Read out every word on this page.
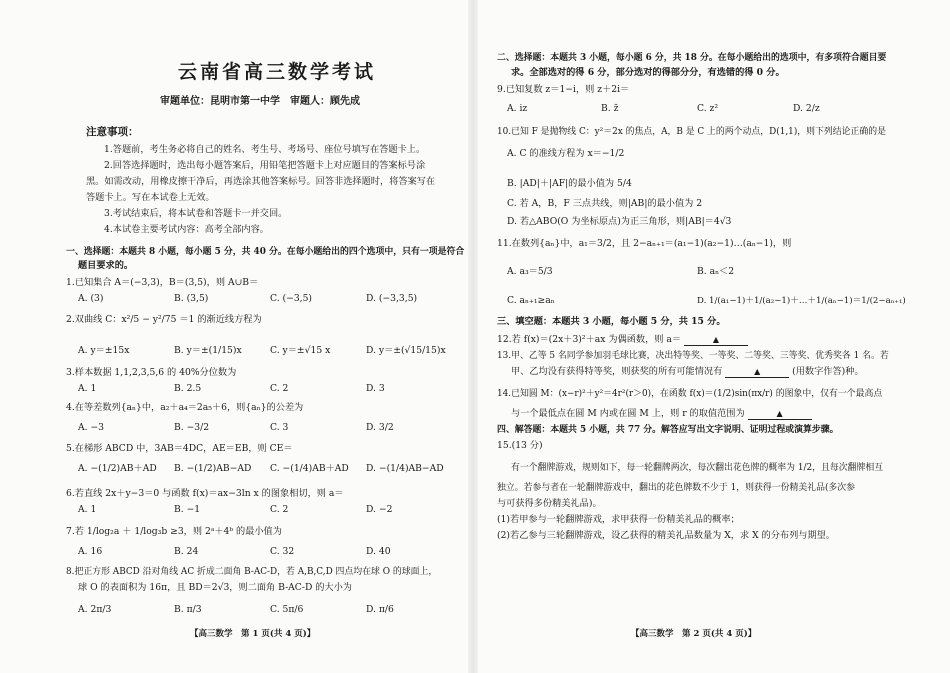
云南省高三数学考试
审题单位：昆明市第一中学　审题人：顾先成
注意事项：
1.答题前，考生务必将自己的姓名、考生号、考场号、座位号填写在答题卡上。
2.回答选择题时，选出每小题答案后，用铅笔把答题卡上对应题目的答案标号涂
黑。如需改动，用橡皮擦干净后，再选涂其他答案标号。回答非选择题时，将答案写在
答题卡上。写在本试卷上无效。
3.考试结束后，将本试卷和答题卡一并交回。
4.本试卷主要考试内容：高考全部内容。
一、选择题：本题共 8 小题，每小题 5 分，共 40 分。在每小题给出的四个选项中，只有一项是符合
题目要求的。
1.已知集合 A＝(−3,3)，B＝(3,5)，则 A∪B＝
A. (3)	B. (3,5)	C. (−3,5)	D. (−3,3,5)
2.双曲线 C：x²/5 − y²/75 ＝1 的渐近线方程为
A. y＝±15x	B. y＝±(1/15)x	C. y＝±√15 x	D. y＝±(√15/15)x
3.样本数据 1,1,2,3,5,6 的 40%分位数为
A. 1	B. 2.5	C. 2	D. 3
4.在等差数列{aₙ}中，a₂＋a₄＝2a₅＋6，则{aₙ}的公差为
A. −3	B. −3/2	C. 3	D. 3/2
5.在梯形 ABCD 中，3AB＝4DC，AE＝EB，则 CE＝
A. −(1/2)AB＋AD B. −(1/2)AB−AD C. −(1/4)AB＋AD D. −(1/4)AB−AD
6.若直线 2x＋y−3＝0 与函数 f(x)＝ax−3ln x 的图象相切，则 a＝
A. 1	B. −1	C. 2	D. −2
7.若 1/log₂a ＋ 1/log₃b ≥3，则 2ᵃ＋4ᵇ 的最小值为
A. 16	B. 24	C. 32	D. 40
8.把正方形 ABCD 沿对角线 AC 折成二面角 B-AC-D，若 A,B,C,D 四点均在球 O 的球面上，
球 O 的表面积为 16π，且 BD＝2√3，则二面角 B-AC-D 的大小为
A. 2π/3	B. π/3	C. 5π/6	D. π/6
【高三数学　第 1 页(共 4 页)】
二、选择题：本题共 3 小题，每小题 6 分，共 18 分。在每小题给出的选项中，有多项符合题目要
求。全部选对的得 6 分，部分选对的得部分分，有选错的得 0 分。
9.已知复数 z＝1−i，则 z＋2i＝
A. iz	B. z̄	C. z²	D. 2/z
10.已知 F 是抛物线 C：y²＝2x 的焦点，A，B 是 C 上的两个动点，D(1,1)，则下列结论正确的是
A. C 的准线方程为 x＝−1/2
B. |AD|＋|AF|的最小值为 5/4
C. 若 A，B，F 三点共线，则|AB|的最小值为 2
D. 若△ABO(O 为坐标原点)为正三角形，则|AB|＝4√3
11.在数列{aₙ}中，a₁＝3/2，且 2−aₙ₊₁＝(a₁−1)(a₂−1)…(aₙ−1)，则
A. a₃＝5/3	B. aₙ＜2
C. aₙ₊₁≥aₙ	D. 1/(a₁−1)＋1/(a₂−1)＋…＋1/(aₙ−1)＝1/(2−aₙ₊₁)
三、填空题：本题共 3 小题，每小题 5 分，共 15 分。
12.若 f(x)＝(2x＋3)²＋ax 为偶函数，则 a＝	▲
13.甲、乙等 5 名同学参加羽毛球比赛，决出特等奖、一等奖、二等奖、三等奖、优秀奖各 1 名。若
甲、乙均没有获得特等奖，则获奖的所有可能情况有	▲	(用数字作答)种。
14.已知圆 M：(x−r)²＋y²＝4r²(r＞0)，在函数 f(x)＝(1/2)sin(πx/r) 的图象中，仅有一个最高点
与一个最低点在圆 M 内或在圆 M 上，则 r 的取值范围为	▲
四、解答题：本题共 5 小题，共 77 分。解答应写出文字说明、证明过程或演算步骤。
15.(13 分)
有一个翻牌游戏，规则如下，每一轮翻牌两次，每次翻出花色牌的概率为 1/2，且每次翻牌相互
独立。若参与者在一轮翻牌游戏中，翻出的花色牌数不少于 1，则获得一份精美礼品(多次参
与可获得多份精美礼品)。
(1)若甲参与一轮翻牌游戏，求甲获得一份精美礼品的概率；
(2)若乙参与三轮翻牌游戏，设乙获得的精美礼品数量为 X，求 X 的分布列与期望。
【高三数学　第 2 页(共 4 页)】
